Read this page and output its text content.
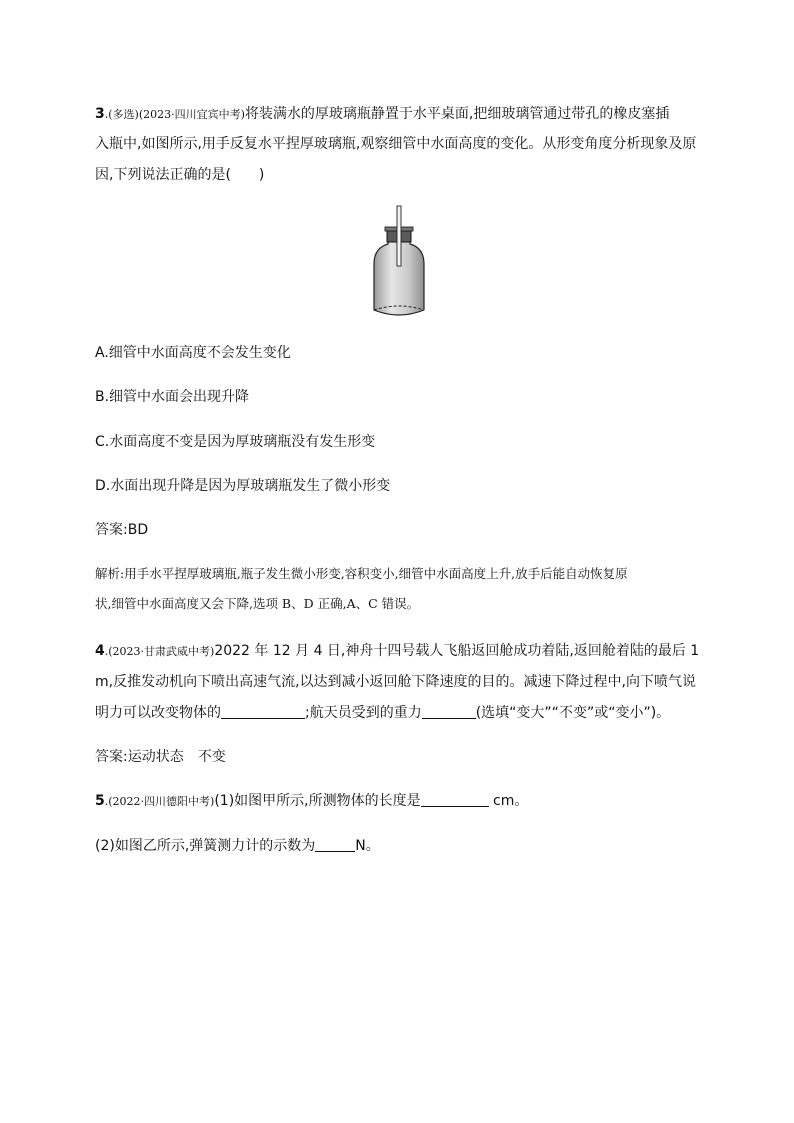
3.(多选)(2023·四川宜宾中考)将装满水的厚玻璃瓶静置于水平桌面,把细玻璃管通过带孔的橡皮塞插
入瓶中,如图所示,用手反复水平捏厚玻璃瓶,观察细管中水面高度的变化。从形变角度分析现象及原
因,下列说法正确的是(　　)
A.细管中水面高度不会发生变化
B.细管中水面会出现升降
C.水面高度不变是因为厚玻璃瓶没有发生形变
D.水面出现升降是因为厚玻璃瓶发生了微小形变
答案:BD
解析:用手水平捏厚玻璃瓶,瓶子发生微小形变,容积变小,细管中水面高度上升,放手后能自动恢复原
状,细管中水面高度又会下降,选项 B、D 正确,A、C 错误。
4.(2023·甘肃武威中考)2022 年 12 月 4 日,神舟十四号载人飞船返回舱成功着陆,返回舱着陆的最后 1
m,反推发动机向下喷出高速气流,以达到减小返回舱下降速度的目的。减速下降过程中,向下喷气说
明力可以改变物体的	;航天员受到的重力	(选填“变大”“不变”或“变小”)。
答案:运动状态　不变
5.(2022·四川德阳中考)(1)如图甲所示,所测物体的长度是	cm。
(2)如图乙所示,弹簧测力计的示数为	N。
